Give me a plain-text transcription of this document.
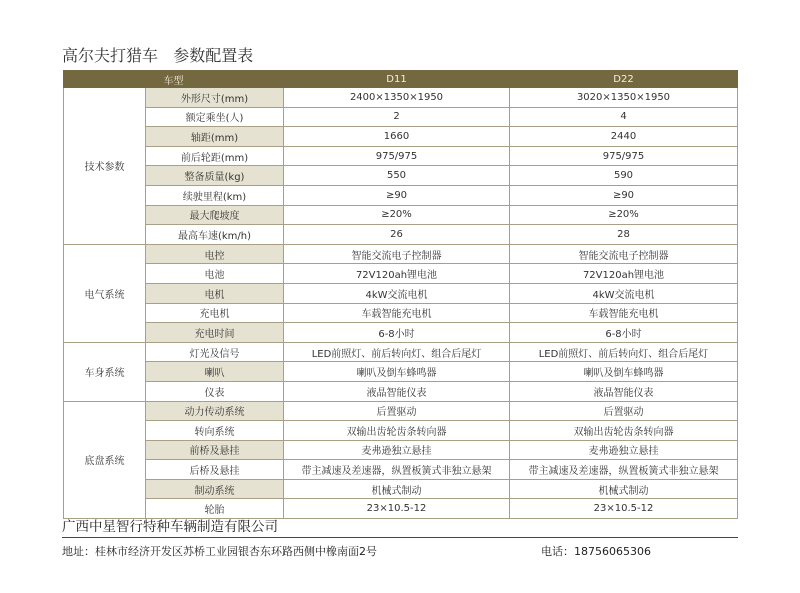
高尔夫打猎车   参数配置表
车型		D11	D22
技术参数	外形尺寸(mm)	2400×1350×1950	3020×1350×1950
	额定乘坐(人)	2	4
	轴距(mm)	1660	2440
	前后轮距(mm)	975/975	975/975
	整备质量(kg)	550	590
	续驶里程(km)	≥90	≥90
	最大爬坡度	≥20%	≥20%
	最高车速(km/h)	26	28
电气系统	电控	智能交流电子控制器	智能交流电子控制器
	电池	72V120ah锂电池	72V120ah锂电池
	电机	4kW交流电机	4kW交流电机
	充电机	车载智能充电机	车载智能充电机
	充电时间	6-8小时	6-8小时
车身系统	灯光及信号	LED前照灯、前后转向灯、组合后尾灯	LED前照灯、前后转向灯、组合后尾灯
	喇叭	喇叭及倒车蜂鸣器	喇叭及倒车蜂鸣器
	仪表	液晶智能仪表	液晶智能仪表
底盘系统	动力传动系统	后置驱动	后置驱动
	转向系统	双输出齿轮齿条转向器	双输出齿轮齿条转向器
	前桥及悬挂	麦弗逊独立悬挂	麦弗逊独立悬挂
	后桥及悬挂	带主减速及差速器，纵置板簧式非独立悬架	带主减速及差速器，纵置板簧式非独立悬架
	制动系统	机械式制动	机械式制动
	轮胎	23×10.5-12	23×10.5-12
广西中星智行特种车辆制造有限公司
地址：桂林市经济开发区苏桥工业园银杏东环路西侧中橡南面2号	电话：18756065306
